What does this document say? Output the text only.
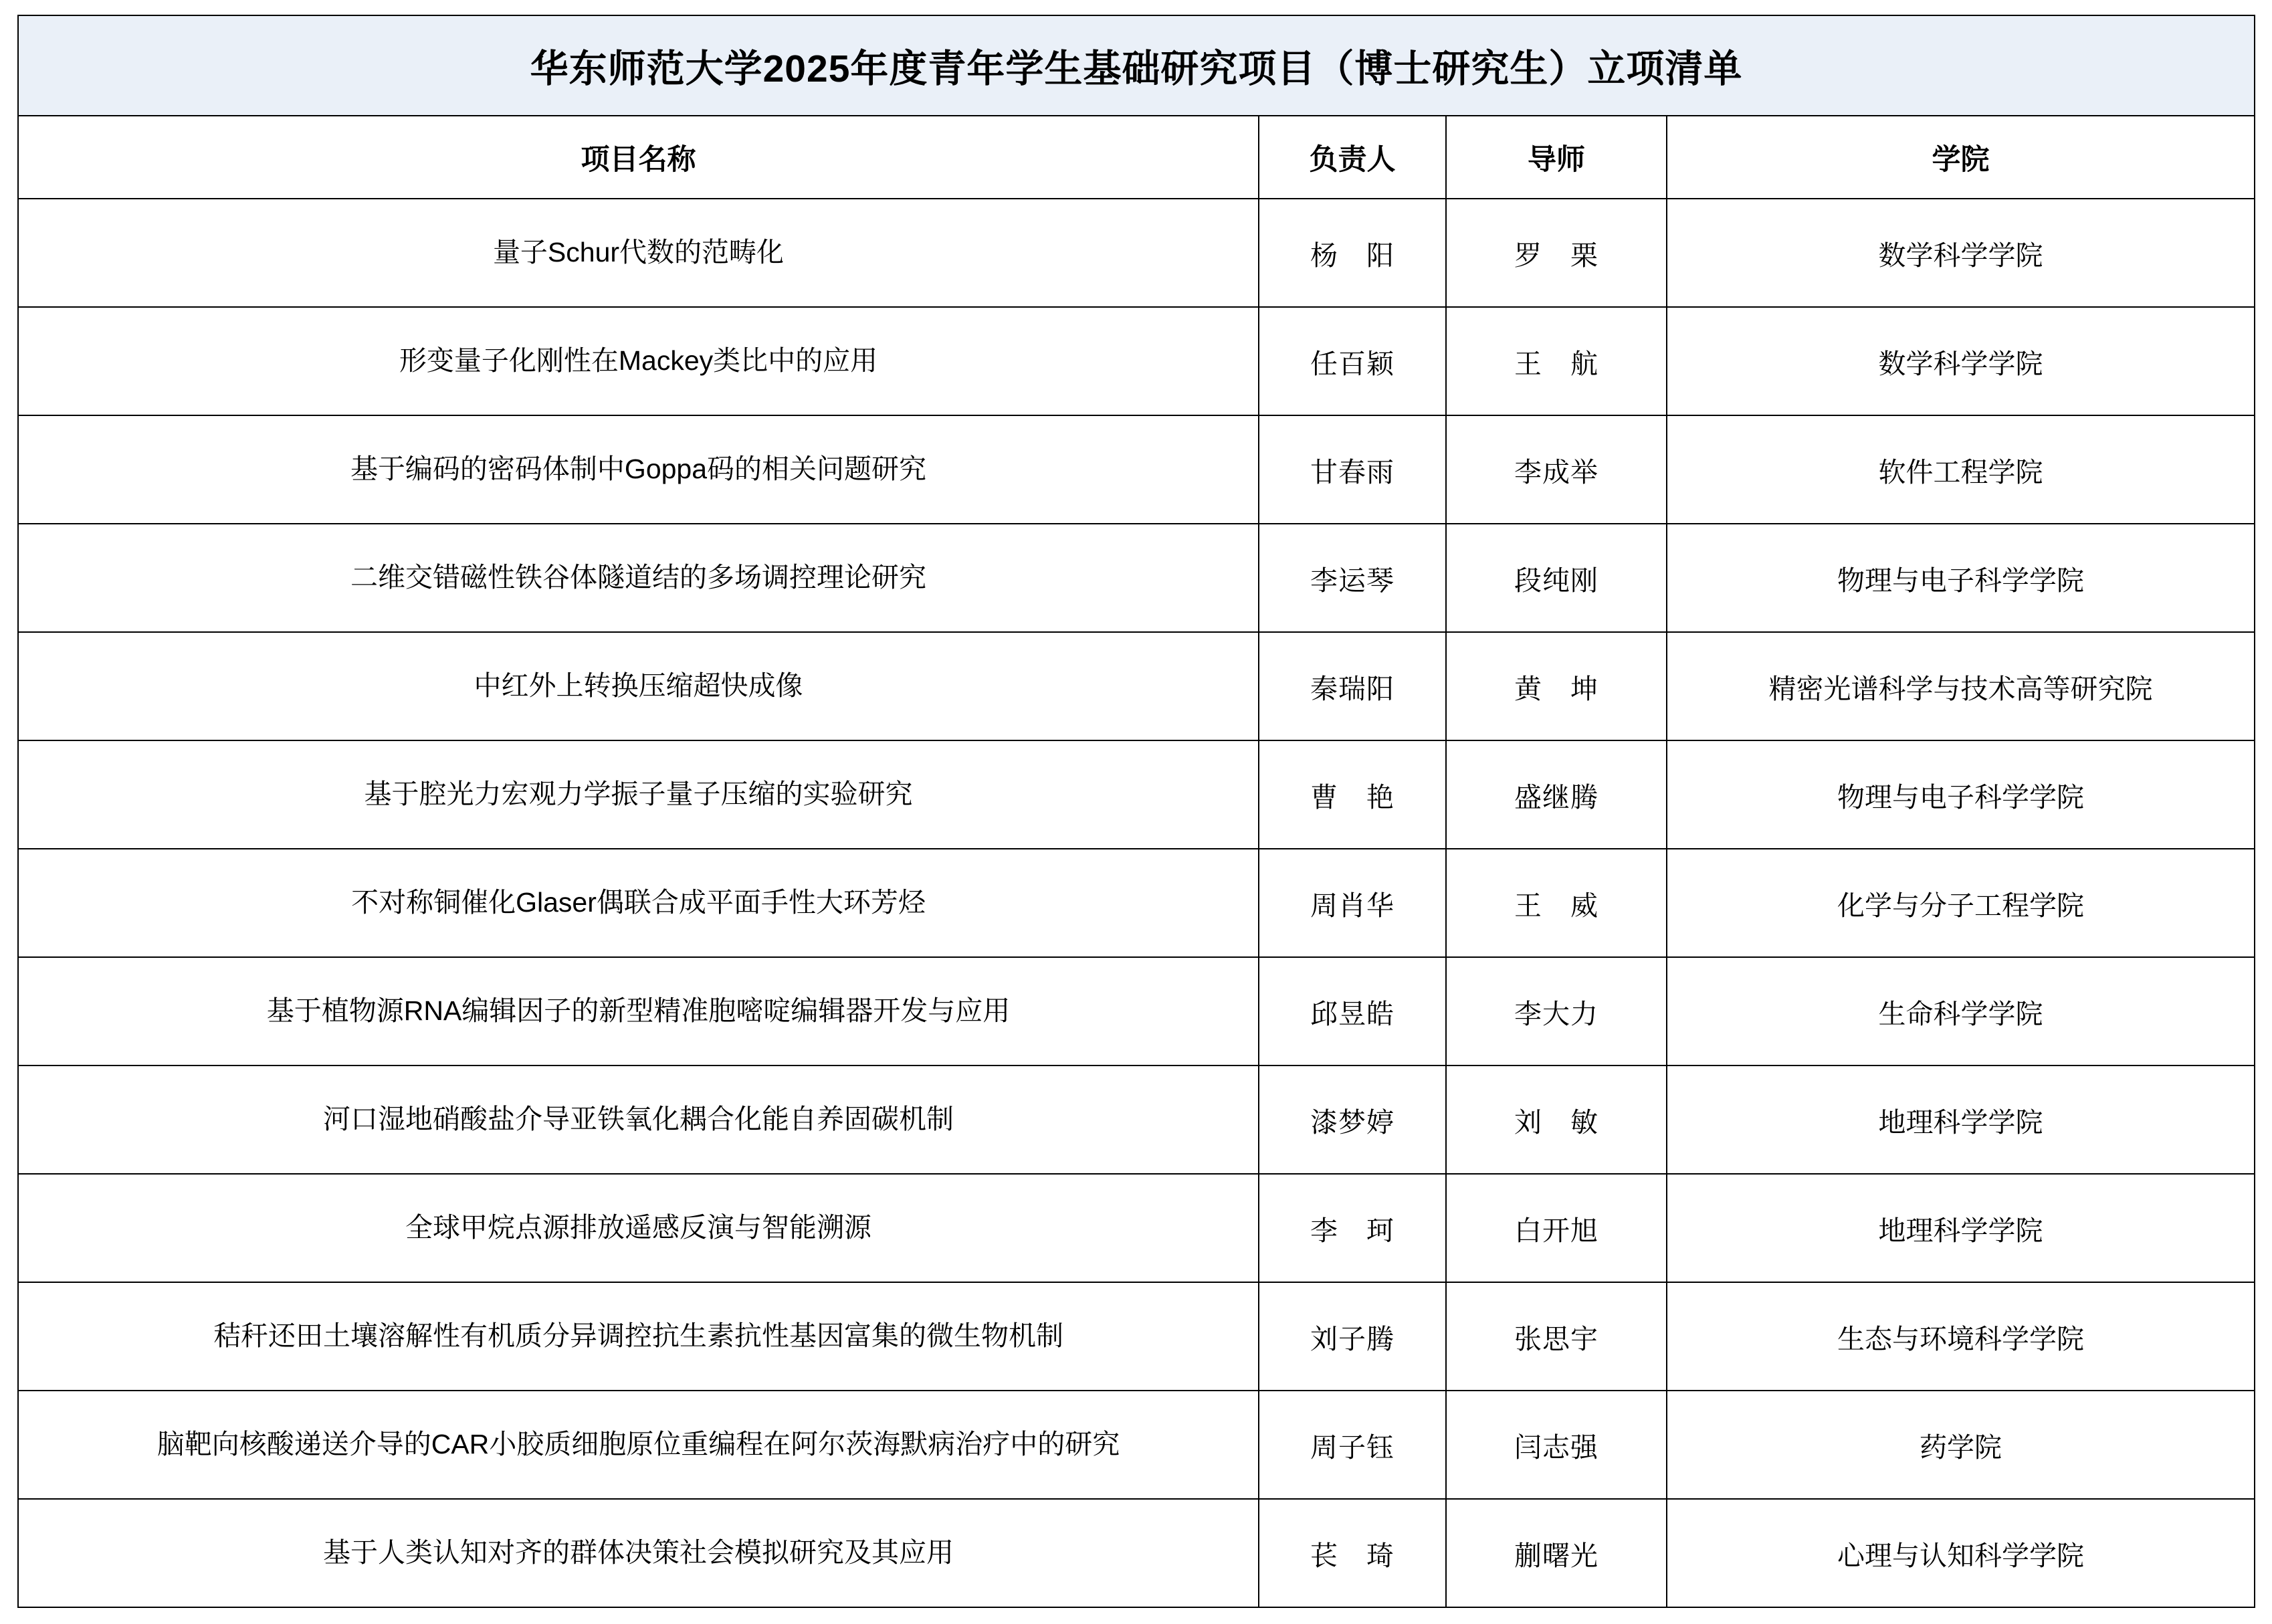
华东师范大学2025年度青年学生基础研究项目（博士研究生）立项清单			
项目名称	负责人	导师	学院
量子Schur代数的范畴化	杨　阳	罗　栗	数学科学学院
形变量子化刚性在Mackey类比中的应用	任百颖	王　航	数学科学学院
基于编码的密码体制中Goppa码的相关问题研究	甘春雨	李成举	软件工程学院
二维交错磁性铁谷体隧道结的多场调控理论研究	李运琴	段纯刚	物理与电子科学学院
中红外上转换压缩超快成像	秦瑞阳	黄　坤	精密光谱科学与技术高等研究院
基于腔光力宏观力学振子量子压缩的实验研究	曹　艳	盛继腾	物理与电子科学学院
不对称铜催化Glaser偶联合成平面手性大环芳烃	周肖华	王　威	化学与分子工程学院
基于植物源RNA编辑因子的新型精准胞嘧啶编辑器开发与应用	邱昱皓	李大力	生命科学学院
河口湿地硝酸盐介导亚铁氧化耦合化能自养固碳机制	漆梦婷	刘　敏	地理科学学院
全球甲烷点源排放遥感反演与智能溯源	李　珂	白开旭	地理科学学院
秸秆还田土壤溶解性有机质分异调控抗生素抗性基因富集的微生物机制	刘子腾	张思宇	生态与环境科学学院
脑靶向核酸递送介导的CAR小胶质细胞原位重编程在阿尔茨海默病治疗中的研究	周子钰	闫志强	药学院
基于人类认知对齐的群体决策社会模拟研究及其应用	苌　琦	蒯曙光	心理与认知科学学院
